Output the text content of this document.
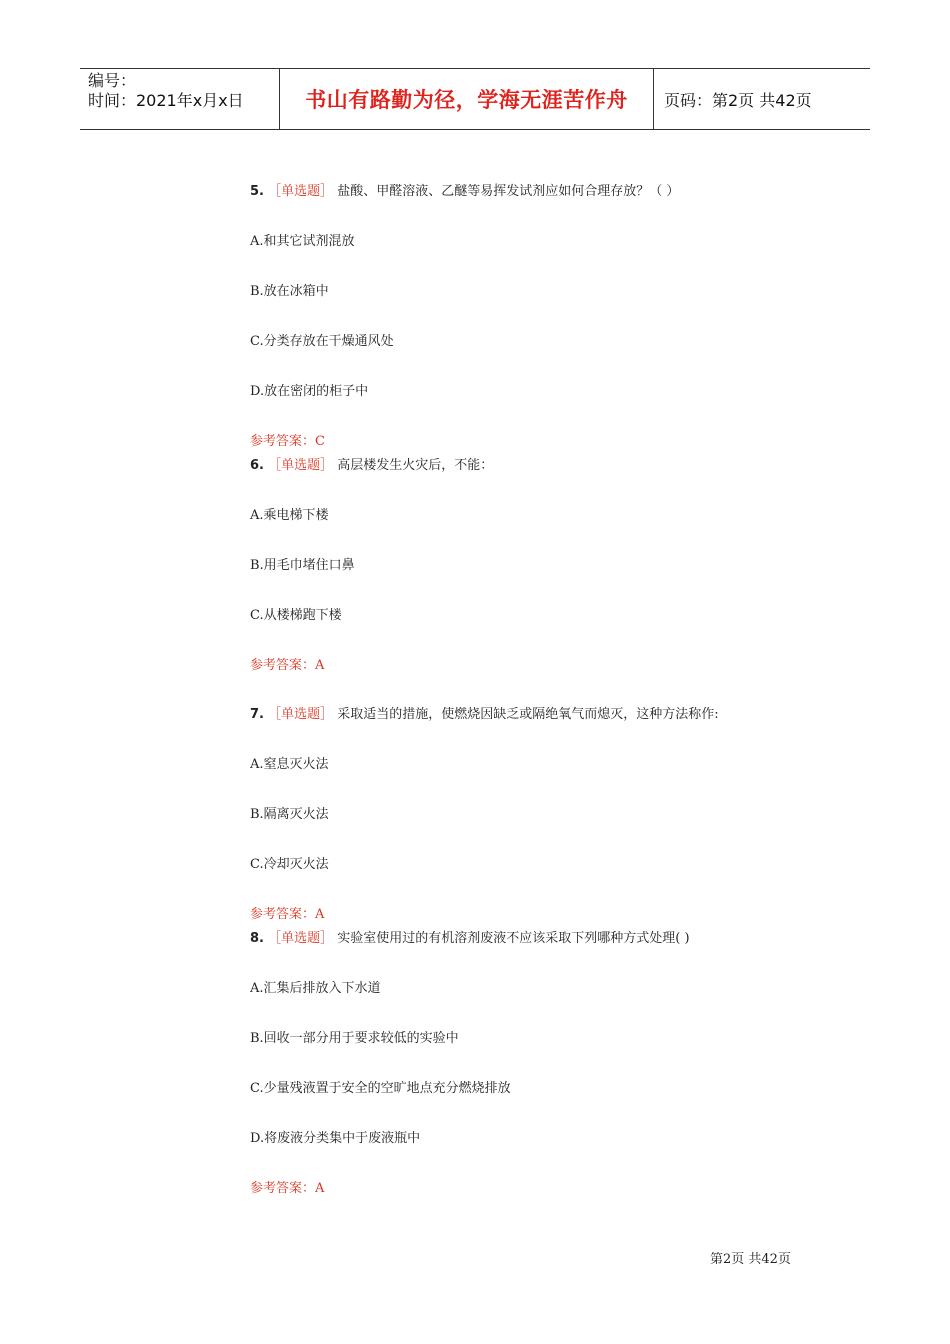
编号：
时间：2021年x月x日	书山有路勤为径，学海无涯苦作舟	页码：第2页 共42页
5. ［单选题］ 盐酸、甲醛溶液、乙醚等易挥发试剂应如何合理存放？（ ）
A.和其它试剂混放
B.放在冰箱中
C.分类存放在干燥通风处
D.放在密闭的柜子中
参考答案：C
6. ［单选题］ 高层楼发生火灾后，不能：
A.乘电梯下楼
B.用毛巾堵住口鼻
C.从楼梯跑下楼
参考答案：A
7. ［单选题］ 采取适当的措施，使燃烧因缺乏或隔绝氧气而熄灭，这种方法称作:
A.窒息灭火法
B.隔离灭火法
C.冷却灭火法
参考答案：A
8. ［单选题］ 实验室使用过的有机溶剂废液不应该采取下列哪种方式处理( )
A.汇集后排放入下水道
B.回收一部分用于要求较低的实验中
C.少量残液置于安全的空旷地点充分燃烧排放
D.将废液分类集中于废液瓶中
参考答案：A
第2页 共42页
